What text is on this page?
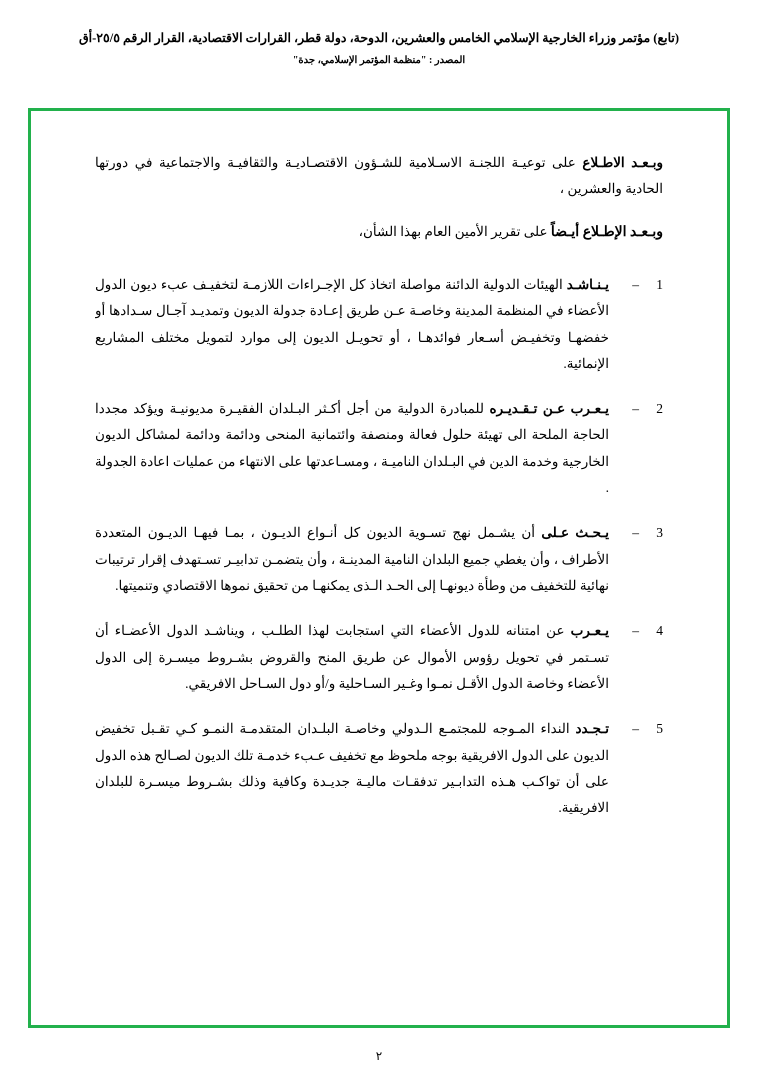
(تابع) مؤتمر وزراء الخارجية الإسلامي الخامس والعشرين، الدوحة، دولة قطر، القرارات الاقتصادية، القرار الرقم ٢٥/٥-أق
المصدر : "منظمة المؤتمر الإسلامي، جدة"
وبـعـد الاطـلاع على توعيـة اللجنـة الاسـلامية للشـؤون الاقتصـاديـة والثقافيـة والاجتماعية في دورتها الحادية والعشرين ،
وبـعـد الإطـلاع أيـضاً على تقرير الأمين العام بهذا الشأن،
1–
يـنـاشـد الهيئات الدولية الدائنة مواصلة اتخاذ كل الإجـراءات اللازمـة لتخفيـف عبء ديون الدول الأعضاء في المنظمة المدينة وخاصـة عـن طريق إعـادة جدولة الديون وتمديـد آجـال سـدادها أو خفضهـا وتخفيـض أسـعار فوائدهـا ، أو تحويـل الديون إلى موارد لتمويل مختلف المشاريع الإنمائية.
2–
يـعـرب عـن تـقـديـره للمبادرة الدولية من أجل أكـثر البـلدان الفقيـرة مديونيـة ويؤكد مجددا الحاجة الملحة الى تهيئة حلول فعالة ومنصفة وائتمانية المنحى ودائمة ودائمة لمشاكل الديون الخارجية وخدمة الدين في البـلدان الناميـة ، ومسـاعدتها على الانتهاء من عمليات اعادة الجدولة .
3–
يـحـث عـلى أن يشـمل نهج تسـوية الديون كل أنـواع الديـون ، بمـا فيهـا الديـون المتعددة الأطراف ، وأن يغطي جميع البلدان النامية المدينـة ، وأن يتضمـن تدابيـر تسـتهدف إقرار ترتيبات نهائية للتخفيف من وطأة ديونهـا إلى الحـد الـذى يمكنهـا من تحقيق نموها الاقتصادي وتنميتها.
4–
يـعـرب عن امتنانه للدول الأعضاء التي استجابت لهذا الطلـب ، ويناشـد الدول الأعضـاء أن تسـتمر في تحويل رؤوس الأموال عن طريق المنح والقروض بشـروط ميسـرة إلى الدول الأعضاء وخاصة الدول الأقـل نمـوا وغـير السـاحلية و/أو دول السـاحل الافريقي.
5–
تـجـدد النداء المـوجه للمجتمـع الـدولي وخاصـة البلـدان المتقدمـة النمـو كـي تقـبل تخفيض الديون على الدول الافريقية بوجه ملحوظ مع تخفيف عـبء خدمـة تلك الديون لصـالح هذه الدول على أن تواكـب هـذه التدابـير تدفقـات ماليـة جديـدة وكافية وذلك بشـروط ميسـرة للبلدان الافريقية.
٢
